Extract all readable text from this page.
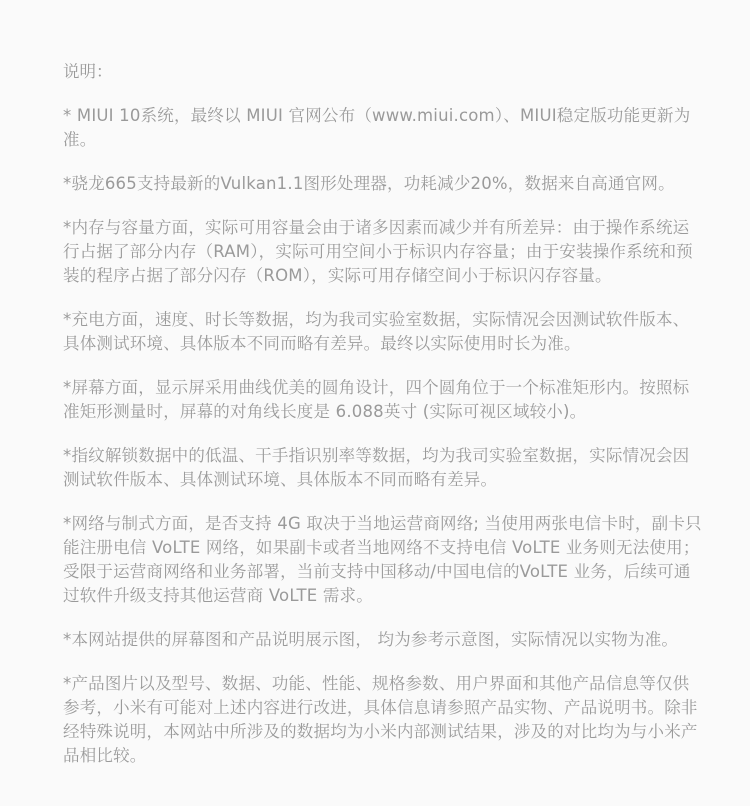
说明：

* MIUI 10系统，最终以 MIUI 官网公布（www.miui.com）、MIUI稳定版功能更新为准。

*骁龙665支持最新的Vulkan1.1图形处理器，功耗减少20%，数据来自高通官网。

*内存与容量方面，实际可用容量会由于诸多因素而减少并有所差异：由于操作系统运行占据了部分内存（RAM），实际可用空间小于标识内存容量；由于安装操作系统和预装的程序占据了部分闪存（ROM），实际可用存储空间小于标识闪存容量。

*充电方面，速度、时长等数据，均为我司实验室数据，实际情况会因测试软件版本、具体测试环境、具体版本不同而略有差异。最终以实际使用时长为准。

*屏幕方面，显示屏采用曲线优美的圆角设计，四个圆角位于一个标准矩形内。按照标准矩形测量时，屏幕的对角线长度是 6.088英寸 (实际可视区域较小)。

*指纹解锁数据中的低温、干手指识别率等数据，均为我司实验室数据，实际情况会因测试软件版本、具体测试环境、具体版本不同而略有差异。

*网络与制式方面，是否支持 4G 取决于当地运营商网络; 当使用两张电信卡时，副卡只能注册电信 VoLTE 网络，如果副卡或者当地网络不支持电信 VoLTE 业务则无法使用； 受限于运营商网络和业务部署，当前支持中国移动/中国电信的VoLTE 业务，后续可通过软件升级支持其他运营商 VoLTE 需求。

*本网站提供的屏幕图和产品说明展示图， 均为参考示意图，实际情况以实物为准。

*产品图片以及型号、数据、功能、性能、规格参数、用户界面和其他产品信息等仅供参考，小米有可能对上述内容进行改进，具体信息请参照产品实物、产品说明书。除非经特殊说明，本网站中所涉及的数据均为小米内部测试结果，涉及的对比均为与小米产品相比较。
